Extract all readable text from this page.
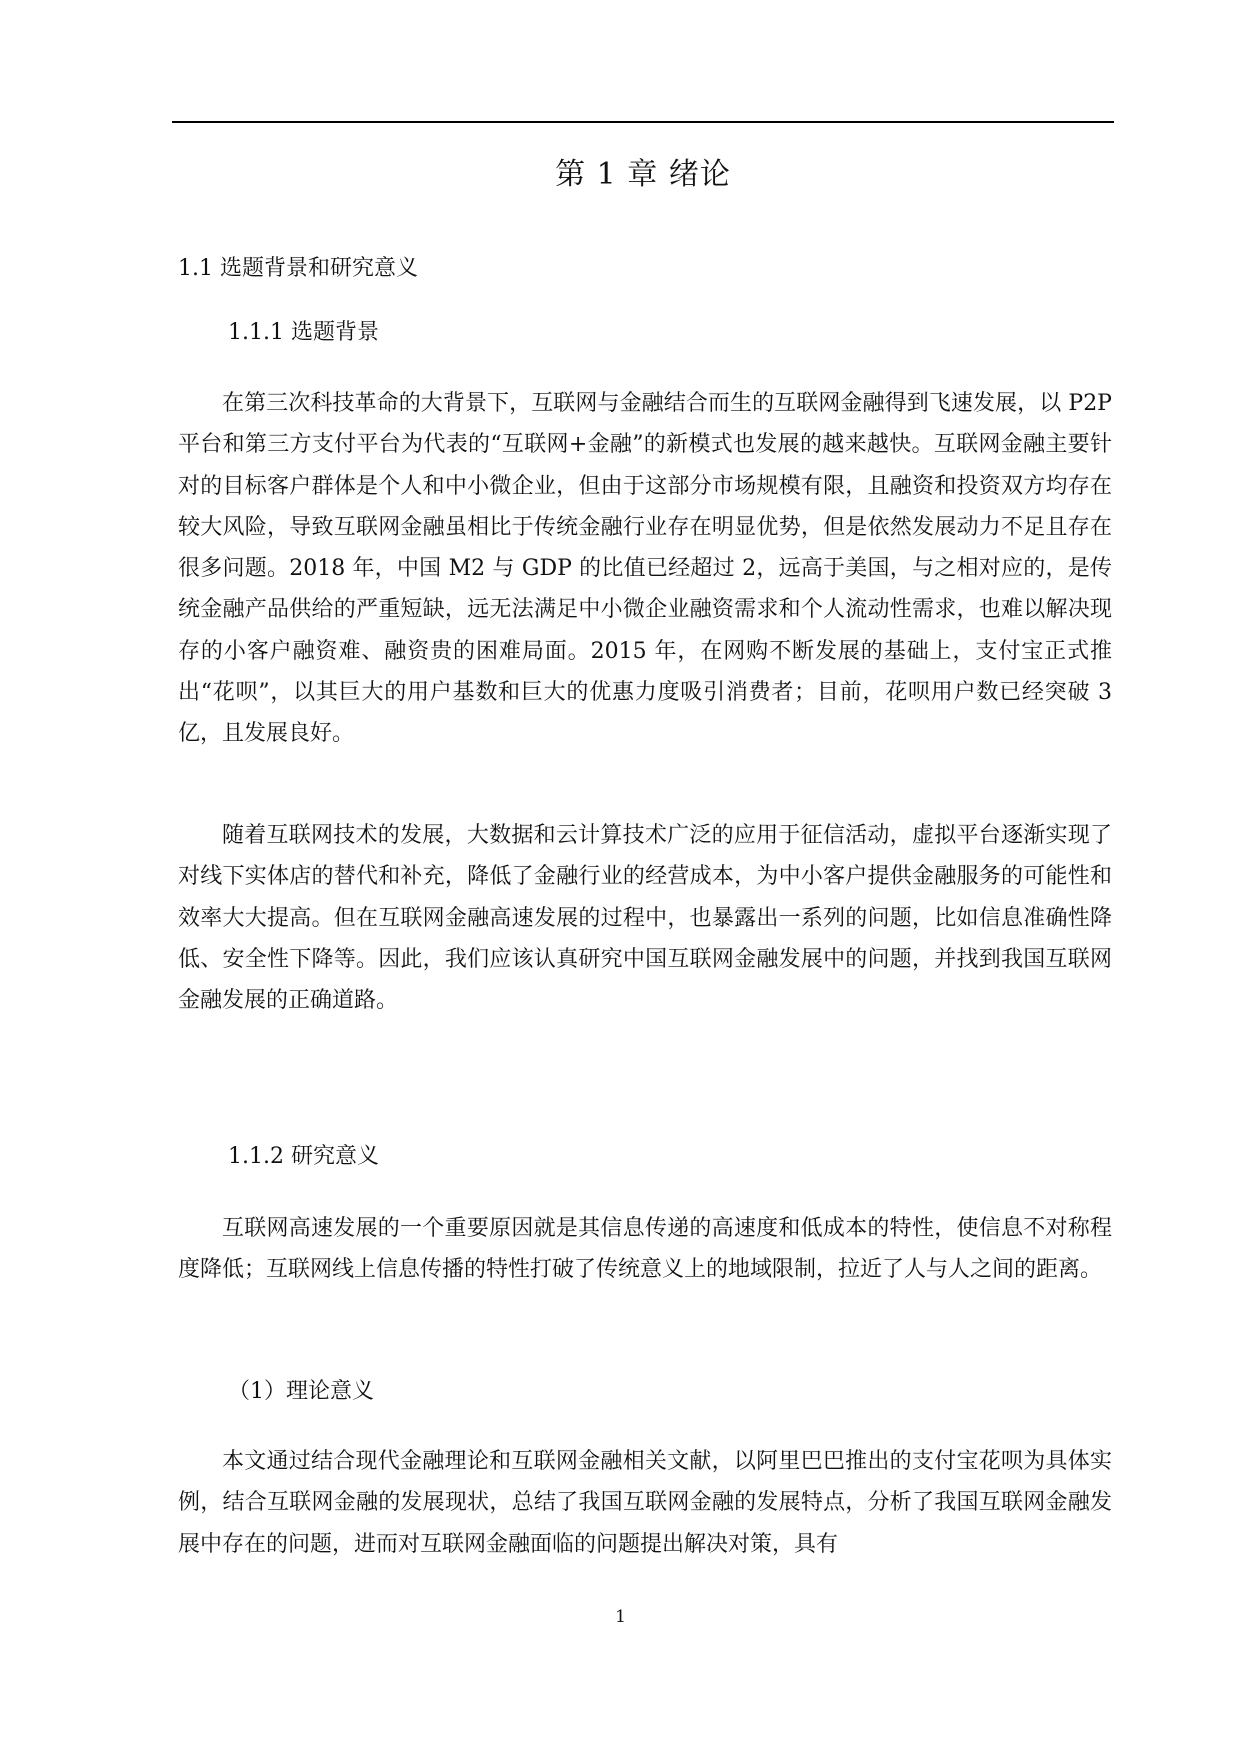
第 1 章 绪论
1.1 选题背景和研究意义
1.1.1 选题背景

在第三次科技革命的大背景下，互联网与金融结合而生的互联网金融得到飞速发展，以 P2P 平台和第三方支付平台为代表的“互联网+金融”的新模式也发展的越来越快。互联网金融主要针对的目标客户群体是个人和中小微企业，但由于这部分市场规模有限，且融资和投资双方均存在较大风险，导致互联网金融虽相比于传统金融行业存在明显优势，但是依然发展动力不足且存在很多问题。2018 年，中国 M2 与 GDP 的比值已经超过 2，远高于美国，与之相对应的，是传统金融产品供给的严重短缺，远无法满足中小微企业融资需求和个人流动性需求，也难以解决现存的小客户融资难、融资贵的困难局面。2015 年，在网购不断发展的基础上，支付宝正式推出“花呗”，以其巨大的用户基数和巨大的优惠力度吸引消费者；目前，花呗用户数已经突破 3 亿，且发展良好。

随着互联网技术的发展，大数据和云计算技术广泛的应用于征信活动，虚拟平台逐渐实现了对线下实体店的替代和补充，降低了金融行业的经营成本，为中小客户提供金融服务的可能性和效率大大提高。但在互联网金融高速发展的过程中，也暴露出一系列的问题，比如信息准确性降低、安全性下降等。因此，我们应该认真研究中国互联网金融发展中的问题，并找到我国互联网金融发展的正确道路。

1.1.2 研究意义

互联网高速发展的一个重要原因就是其信息传递的高速度和低成本的特性，使信息不对称程度降低；互联网线上信息传播的特性打破了传统意义上的地域限制，拉近了人与人之间的距离。

（1）理论意义

本文通过结合现代金融理论和互联网金融相关文献，以阿里巴巴推出的支付宝花呗为具体实例，结合互联网金融的发展现状，总结了我国互联网金融的发展特点，分析了我国互联网金融发展中存在的问题，进而对互联网金融面临的问题提出解决对策，具有

1
